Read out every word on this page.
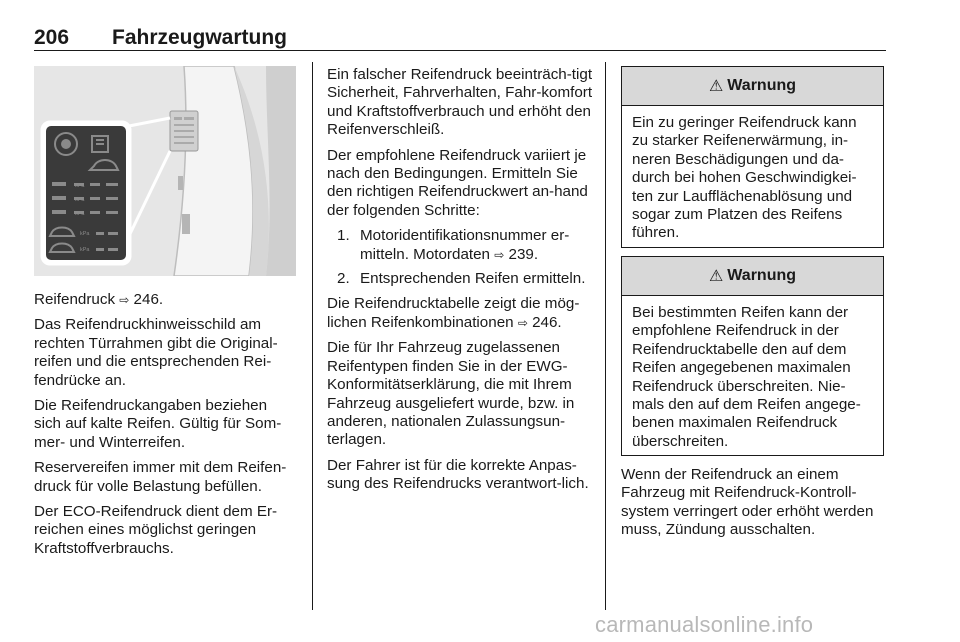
206 Fahrzeugwartung
kPa
kPa
kPa
kPa
kPa

Reifendruck ⇨ 246.

Das Reifendruckhinweisschild am rechten Türrahmen gibt die Original-reifen und die entsprechenden Rei-fendrücke an.

Die Reifendruckangaben beziehen sich auf kalte Reifen. Gültig für Som-mer- und Winterreifen.

Reservereifen immer mit dem Reifen-druck für volle Belastung befüllen.

Der ECO-Reifendruck dient dem Er-reichen eines möglichst geringen Kraftstoffverbrauchs.

Ein falscher Reifendruck beeinträch-tigt Sicherheit, Fahrverhalten, Fahr-komfort und Kraftstoffverbrauch und erhöht den Reifenverschleiß.

Der empfohlene Reifendruck variiert je nach den Bedingungen. Ermitteln Sie den richtigen Reifendruckwert an-hand der folgenden Schritte:

1. Motoridentifikationsnummer er-mitteln. Motordaten ⇨ 239.
2. Entsprechenden Reifen ermitteln.

Die Reifendrucktabelle zeigt die mög-lichen Reifenkombinationen ⇨ 246.

Die für Ihr Fahrzeug zugelassenen Reifentypen finden Sie in der EWG-Konformitätserklärung, die mit Ihrem Fahrzeug ausgeliefert wurde, bzw. in anderen, nationalen Zulassungsun-terlagen.

Der Fahrer ist für die korrekte Anpas-sung des Reifendrucks verantwort-lich.

⚠ Warnung
Ein zu geringer Reifendruck kann zu starker Reifenerwärmung, in-neren Beschädigungen und da-durch bei hohen Geschwindigkei-ten zur Laufflächenablösung und sogar zum Platzen des Reifens führen.
⚠ Warnung
Bei bestimmten Reifen kann der empfohlene Reifendruck in der Reifendrucktabelle den auf dem Reifen angegebenen maximalen Reifendruck überschreiten. Nie-mals den auf dem Reifen angege-benen maximalen Reifendruck überschreiten.

Wenn der Reifendruck an einem Fahrzeug mit Reifendruck-Kontroll-system verringert oder erhöht werden muss, Zündung ausschalten.

carmanualsonline.info
